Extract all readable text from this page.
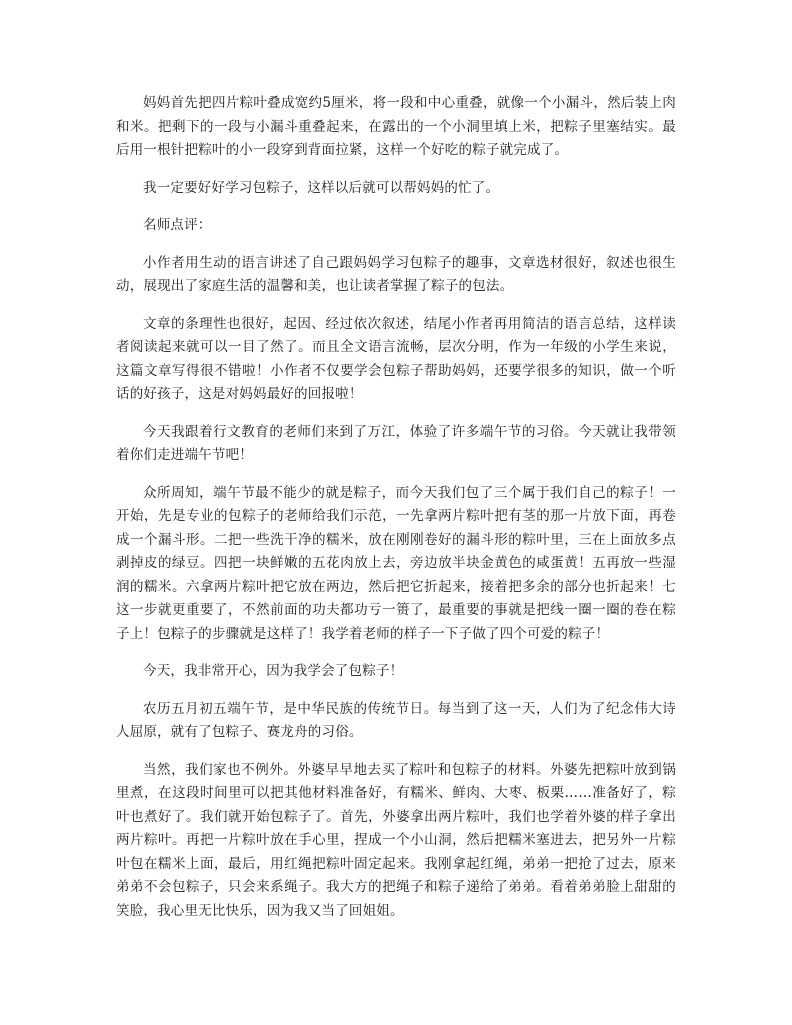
妈妈首先把四片粽叶叠成宽约5厘米，将一段和中心重叠，就像一个小漏斗，然后装上肉和米。把剩下的一段与小漏斗重叠起来，在露出的一个小洞里填上米，把粽子里塞结实。最后用一根针把粽叶的小一段穿到背面拉紧，这样一个好吃的粽子就完成了。

我一定要好好学习包粽子，这样以后就可以帮妈妈的忙了。

名师点评：

小作者用生动的语言讲述了自己跟妈妈学习包粽子的趣事，文章选材很好，叙述也很生动，展现出了家庭生活的温馨和美，也让读者掌握了粽子的包法。

文章的条理性也很好，起因、经过依次叙述，结尾小作者再用简洁的语言总结，这样读者阅读起来就可以一目了然了。而且全文语言流畅，层次分明，作为一年级的小学生来说，这篇文章写得很不错啦！小作者不仅要学会包粽子帮助妈妈，还要学很多的知识，做一个听话的好孩子，这是对妈妈最好的回报啦！

今天我跟着行文教育的老师们来到了万江，体验了许多端午节的习俗。今天就让我带领着你们走进端午节吧！

众所周知，端午节最不能少的就是粽子，而今天我们包了三个属于我们自己的粽子！一开始，先是专业的包粽子的老师给我们示范，一先拿两片粽叶把有茎的那一片放下面，再卷成一个漏斗形。二把一些洗干净的糯米，放在刚刚卷好的漏斗形的粽叶里，三在上面放多点剥掉皮的绿豆。四把一块鲜嫩的五花肉放上去，旁边放半块金黄色的咸蛋黄！五再放一些湿润的糯米。六拿两片粽叶把它放在两边，然后把它折起来，接着把多余的部分也折起来！七这一步就更重要了，不然前面的功夫都功亏一篑了，最重要的事就是把线一圈一圈的卷在粽子上！包粽子的步骤就是这样了！我学着老师的样子一下子做了四个可爱的粽子！

今天，我非常开心，因为我学会了包粽子！

农历五月初五端午节，是中华民族的传统节日。每当到了这一天，人们为了纪念伟大诗人屈原，就有了包粽子、赛龙舟的习俗。

当然，我们家也不例外。外婆早早地去买了粽叶和包粽子的材料。外婆先把粽叶放到锅里煮，在这段时间里可以把其他材料准备好，有糯米、鲜肉、大枣、板栗……准备好了，粽叶也煮好了。我们就开始包粽子了。首先，外婆拿出两片粽叶，我们也学着外婆的样子拿出两片粽叶。再把一片粽叶放在手心里，捏成一个小山洞，然后把糯米塞进去，把另外一片粽叶包在糯米上面，最后，用红绳把粽叶固定起来。我刚拿起红绳，弟弟一把抢了过去，原来弟弟不会包粽子，只会来系绳子。我大方的把绳子和粽子递给了弟弟。看着弟弟脸上甜甜的笑脸，我心里无比快乐，因为我又当了回姐姐。
